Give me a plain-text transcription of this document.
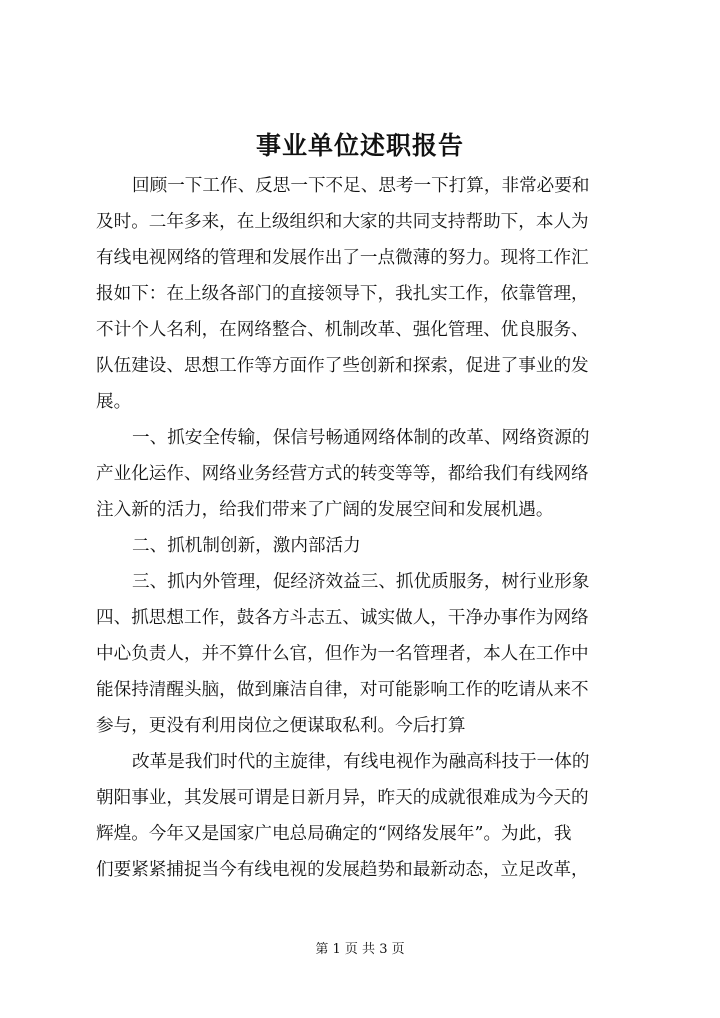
事业单位述职报告
回顾一下工作、反思一下不足、思考一下打算，非常必要和
及时。二年多来，在上级组织和大家的共同支持帮助下，本人为
有线电视网络的管理和发展作出了一点微薄的努力。现将工作汇
报如下：在上级各部门的直接领导下，我扎实工作，依靠管理，
不计个人名利，在网络整合、机制改革、强化管理、优良服务、
队伍建设、思想工作等方面作了些创新和探索，促进了事业的发
展。
一、抓安全传输，保信号畅通网络体制的改革、网络资源的
产业化运作、网络业务经营方式的转变等等，都给我们有线网络
注入新的活力，给我们带来了广阔的发展空间和发展机遇。
二、抓机制创新，激内部活力
三、抓内外管理，促经济效益三、抓优质服务，树行业形象
四、抓思想工作，鼓各方斗志五、诚实做人，干净办事作为网络
中心负责人，并不算什么官，但作为一名管理者，本人在工作中
能保持清醒头脑，做到廉洁自律，对可能影响工作的吃请从来不
参与，更没有利用岗位之便谋取私利。今后打算
改革是我们时代的主旋律，有线电视作为融高科技于一体的
朝阳事业，其发展可谓是日新月异，昨天的成就很难成为今天的
辉煌。今年又是国家广电总局确定的“网络发展年”。为此，我
们要紧紧捕捉当今有线电视的发展趋势和最新动态，立足改革，
第 1 页 共 3 页
